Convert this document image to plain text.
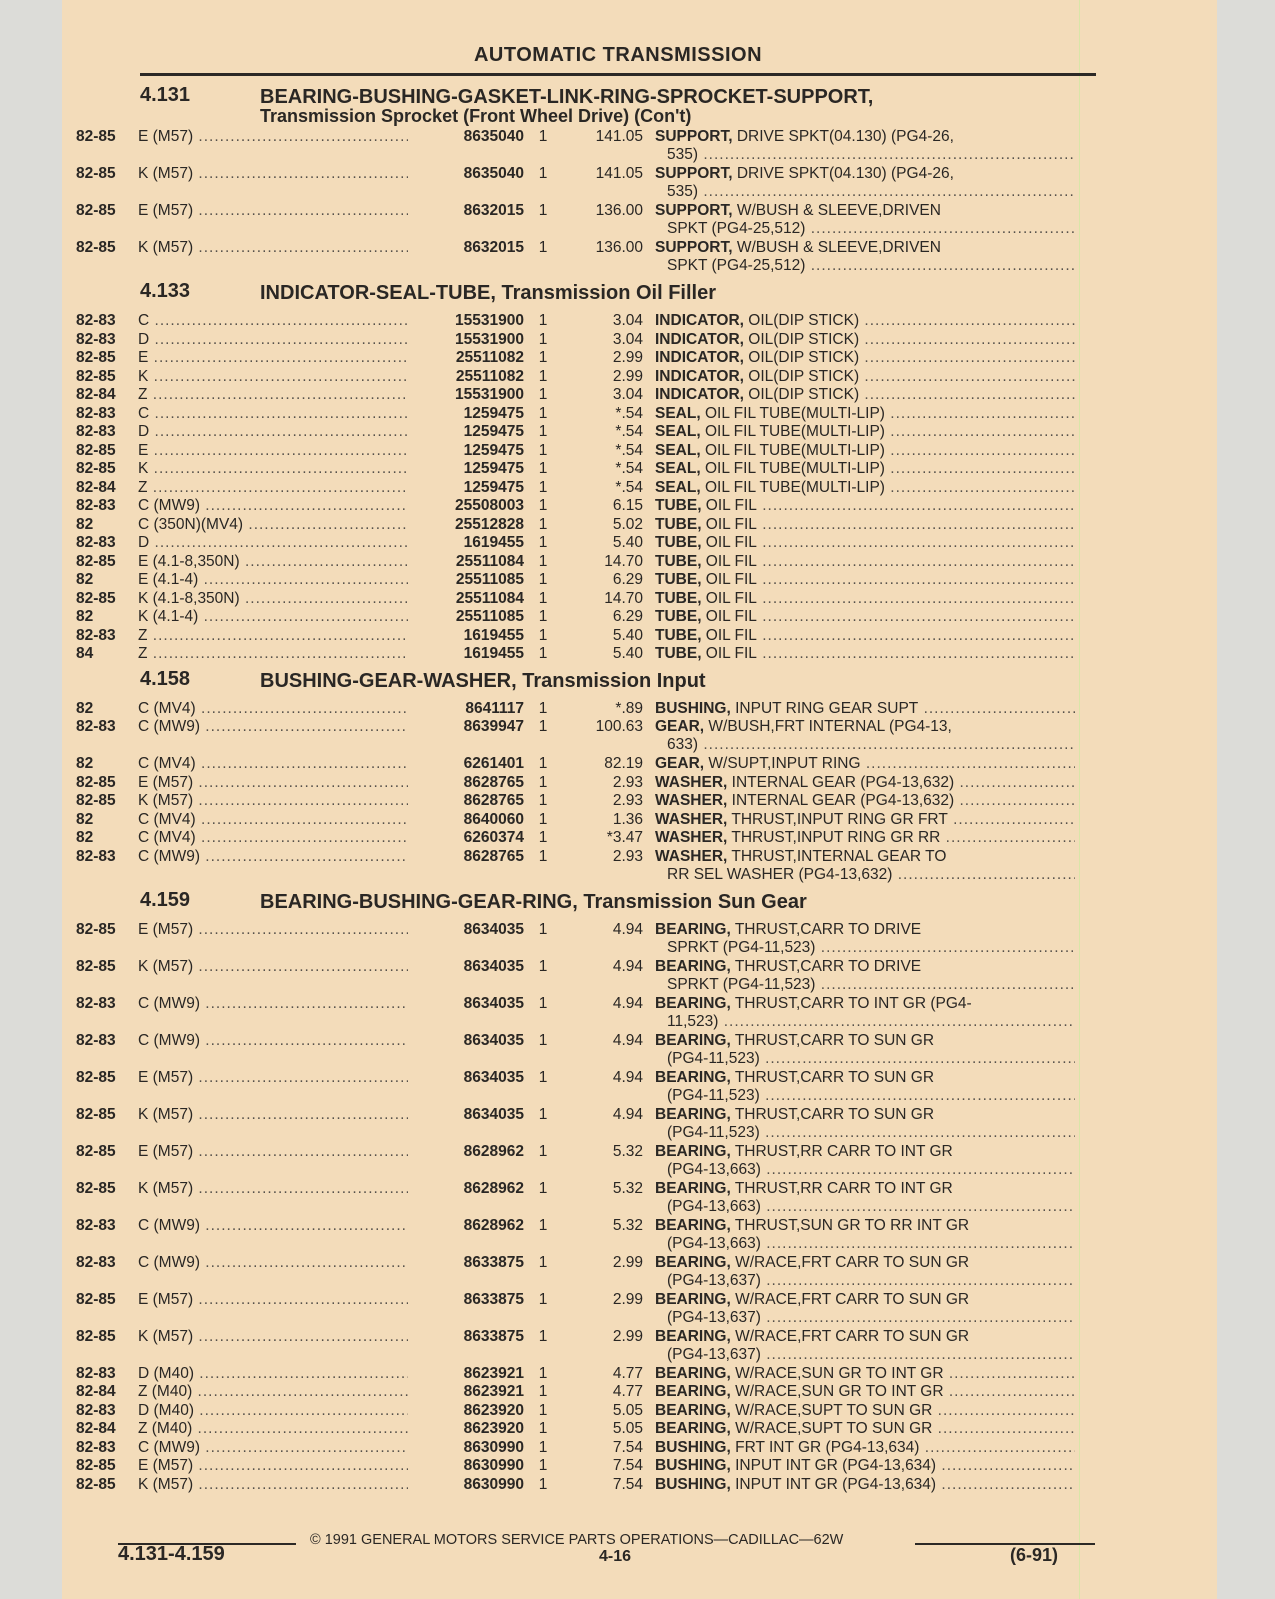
AUTOMATIC TRANSMISSION
4.131	BEARING-BUSHING-GASKET-LINK-RING-SPROCKET-SUPPORT,
Transmission Sprocket (Front Wheel Drive) (Con't)
82-85 E (M57) .....	8635040 1	141.05 SUPPORT, DRIVE SPKT(04.130) (PG4-26,
535) .....
82-85 K (M57) .....	8635040 1	141.05 SUPPORT, DRIVE SPKT(04.130) (PG4-26,
535) .....
82-85 E (M57) .....	8632015 1	136.00 SUPPORT, W/BUSH & SLEEVE,DRIVEN
SPKT (PG4-25,512) .....
82-85 K (M57) .....	8632015 1	136.00 SUPPORT, W/BUSH & SLEEVE,DRIVEN
SPKT (PG4-25,512) .....
4.133	INDICATOR-SEAL-TUBE, Transmission Oil Filler
82-83 C .....	15531900 1	3.04 INDICATOR, OIL(DIP STICK) .....
82-83 D .....	15531900 1	3.04 INDICATOR, OIL(DIP STICK) .....
82-85 E .....	25511082 1	2.99 INDICATOR, OIL(DIP STICK) .....
82-85 K .....	25511082 1	2.99 INDICATOR, OIL(DIP STICK) .....
82-84 Z .....	15531900 1	3.04 INDICATOR, OIL(DIP STICK) .....
82-83 C .....	1259475 1	*.54 SEAL, OIL FIL TUBE(MULTI-LIP) .....
82-83 D .....	1259475 1	*.54 SEAL, OIL FIL TUBE(MULTI-LIP) .....
82-85 E .....	1259475 1	*.54 SEAL, OIL FIL TUBE(MULTI-LIP) .....
82-85 K .....	1259475 1	*.54 SEAL, OIL FIL TUBE(MULTI-LIP) .....
82-84 Z .....	1259475 1	*.54 SEAL, OIL FIL TUBE(MULTI-LIP) .....
82-83 C (MW9) .....	25508003 1	6.15 TUBE, OIL FIL .....
82	C (350N)(MV4) .....	25512828 1	5.02 TUBE, OIL FIL .....
82-83 D .....	1619455 1	5.40 TUBE, OIL FIL .....
82-85 E (4.1-8,350N) .....	25511084 1	14.70 TUBE, OIL FIL .....
82	E (4.1-4) .....	25511085 1	6.29 TUBE, OIL FIL .....
82-85 K (4.1-8,350N) .....	25511084 1	14.70 TUBE, OIL FIL .....
82	K (4.1-4) .....	25511085 1	6.29 TUBE, OIL FIL .....
82-83 Z .....	1619455 1	5.40 TUBE, OIL FIL .....
84	Z .....	1619455 1	5.40 TUBE, OIL FIL .....
4.158	BUSHING-GEAR-WASHER, Transmission Input
82	C (MV4) .....	8641117 1	*.89 BUSHING, INPUT RING GEAR SUPT .....
82-83 C (MW9) .....	8639947 1	100.63 GEAR, W/BUSH,FRT INTERNAL (PG4-13,
633) .....
82	C (MV4) .....	6261401 1	82.19 GEAR, W/SUPT,INPUT RING .....
82-85 E (M57) .....	8628765 1	2.93 WASHER, INTERNAL GEAR (PG4-13,632) .....
82-85 K (M57) .....	8628765 1	2.93 WASHER, INTERNAL GEAR (PG4-13,632) .....
82	C (MV4) .....	8640060 1	1.36 WASHER, THRUST,INPUT RING GR FRT .....
82	C (MV4) .....	6260374 1	*3.47 WASHER, THRUST,INPUT RING GR RR .....
82-83 C (MW9) .....	8628765 1	2.93 WASHER, THRUST,INTERNAL GEAR TO
RR SEL WASHER (PG4-13,632) .....
4.159	BEARING-BUSHING-GEAR-RING, Transmission Sun Gear
82-85 E (M57) .....	8634035 1	4.94 BEARING, THRUST,CARR TO DRIVE
SPRKT (PG4-11,523) .....
82-85 K (M57) .....	8634035 1	4.94 BEARING, THRUST,CARR TO DRIVE
SPRKT (PG4-11,523) .....
82-83 C (MW9) .....	8634035 1	4.94 BEARING, THRUST,CARR TO INT GR (PG4-
11,523) .....
82-83 C (MW9) .....	8634035 1	4.94 BEARING, THRUST,CARR TO SUN GR
(PG4-11,523) .....
82-85 E (M57) .....	8634035 1	4.94 BEARING, THRUST,CARR TO SUN GR
(PG4-11,523) .....
82-85 K (M57) .....	8634035 1	4.94 BEARING, THRUST,CARR TO SUN GR
(PG4-11,523) .....
82-85 E (M57) .....	8628962 1	5.32 BEARING, THRUST,RR CARR TO INT GR
(PG4-13,663) .....
82-85 K (M57) .....	8628962 1	5.32 BEARING, THRUST,RR CARR TO INT GR
(PG4-13,663) .....
82-83 C (MW9) .....	8628962 1	5.32 BEARING, THRUST,SUN GR TO RR INT GR
(PG4-13,663) .....
82-83 C (MW9) .....	8633875 1	2.99 BEARING, W/RACE,FRT CARR TO SUN GR
(PG4-13,637) .....
82-85 E (M57) .....	8633875 1	2.99 BEARING, W/RACE,FRT CARR TO SUN GR
(PG4-13,637) .....
82-85 K (M57) .....	8633875 1	2.99 BEARING, W/RACE,FRT CARR TO SUN GR
(PG4-13,637) .....
82-83 D (M40) .....	8623921 1	4.77 BEARING, W/RACE,SUN GR TO INT GR .....
82-84 Z (M40) .....	8623921 1	4.77 BEARING, W/RACE,SUN GR TO INT GR .....
82-83 D (M40) .....	8623920 1	5.05 BEARING, W/RACE,SUPT TO SUN GR .....
82-84 Z (M40) .....	8623920 1	5.05 BEARING, W/RACE,SUPT TO SUN GR .....
82-83 C (MW9) .....	8630990 1	7.54 BUSHING, FRT INT GR (PG4-13,634) .....
82-85 E (M57) .....	8630990 1	7.54 BUSHING, INPUT INT GR (PG4-13,634) .....
82-85 K (M57) .....	8630990 1	7.54 BUSHING, INPUT INT GR (PG4-13,634) .....
© 1991 GENERAL MOTORS SERVICE PARTS OPERATIONS—CADILLAC—62W
4.131-4.159	4-16	(6-91)
